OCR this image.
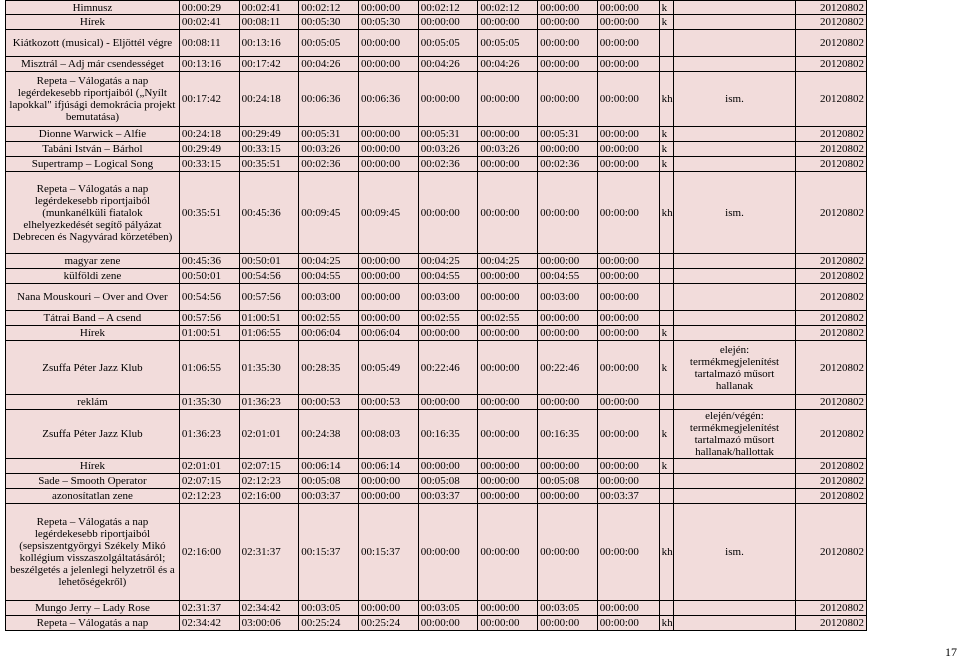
Himnusz	00:00:29	00:02:41	00:02:12	00:00:00	00:02:12	00:02:12	00:00:00	00:00:00	k		20120802
Hírek	00:02:41	00:08:11	00:05:30	00:05:30	00:00:00	00:00:00	00:00:00	00:00:00	k		20120802
Kiátkozott (musical) - Eljöttél végre	00:08:11	00:13:16	00:05:05	00:00:00	00:05:05	00:05:05	00:00:00	00:00:00			20120802
Misztrál – Adj már csendességet	00:13:16	00:17:42	00:04:26	00:00:00	00:04:26	00:04:26	00:00:00	00:00:00			20120802
Repeta – Válogatás a nap legérdekesebb riportjaiból („Nyílt lapokkal" ifjúsági demokrácia projekt bemutatása)	00:17:42	00:24:18	00:06:36	00:06:36	00:00:00	00:00:00	00:00:00	00:00:00	kh	ism.	20120802
Dionne Warwick – Alfie	00:24:18	00:29:49	00:05:31	00:00:00	00:05:31	00:00:00	00:05:31	00:00:00	k		20120802
Tabáni István – Bárhol	00:29:49	00:33:15	00:03:26	00:00:00	00:03:26	00:03:26	00:00:00	00:00:00	k		20120802
Supertramp – Logical Song	00:33:15	00:35:51	00:02:36	00:00:00	00:02:36	00:00:00	00:02:36	00:00:00	k		20120802
Repeta – Válogatás a nap legérdekesebb riportjaiból (munkanélküli fiatalok elhelyezkedését segítő pályázat Debrecen és Nagyvárad körzetében)	00:35:51	00:45:36	00:09:45	00:09:45	00:00:00	00:00:00	00:00:00	00:00:00	kh	ism.	20120802
magyar zene	00:45:36	00:50:01	00:04:25	00:00:00	00:04:25	00:04:25	00:00:00	00:00:00			20120802
külföldi zene	00:50:01	00:54:56	00:04:55	00:00:00	00:04:55	00:00:00	00:04:55	00:00:00			20120802
Nana Mouskouri – Over and Over	00:54:56	00:57:56	00:03:00	00:00:00	00:03:00	00:00:00	00:03:00	00:00:00			20120802
Tátrai Band – A csend	00:57:56	01:00:51	00:02:55	00:00:00	00:02:55	00:02:55	00:00:00	00:00:00			20120802
Hírek	01:00:51	01:06:55	00:06:04	00:06:04	00:00:00	00:00:00	00:00:00	00:00:00	k		20120802
Zsuffa Péter Jazz Klub	01:06:55	01:35:30	00:28:35	00:05:49	00:22:46	00:00:00	00:22:46	00:00:00	k	elején: termékmegjelenítést tartalmazó műsort hallanak	20120802
reklám	01:35:30	01:36:23	00:00:53	00:00:53	00:00:00	00:00:00	00:00:00	00:00:00			20120802
Zsuffa Péter Jazz Klub	01:36:23	02:01:01	00:24:38	00:08:03	00:16:35	00:00:00	00:16:35	00:00:00	k	elején/végén: termékmegjelenítést tartalmazó műsort hallanak/hallottak	20120802
Hírek	02:01:01	02:07:15	00:06:14	00:06:14	00:00:00	00:00:00	00:00:00	00:00:00	k		20120802
Sade – Smooth Operator	02:07:15	02:12:23	00:05:08	00:00:00	00:05:08	00:00:00	00:05:08	00:00:00			20120802
azonosítatlan zene	02:12:23	02:16:00	00:03:37	00:00:00	00:03:37	00:00:00	00:00:00	00:03:37			20120802
Repeta – Válogatás a nap legérdekesebb riportjaiból (sepsiszentgyörgyi Székely Mikó kollégium visszaszolgáltatásáról; beszélgetés a jelenlegi helyzetről és a lehetőségekről)	02:16:00	02:31:37	00:15:37	00:15:37	00:00:00	00:00:00	00:00:00	00:00:00	kh	ism.	20120802
Mungo Jerry – Lady Rose	02:31:37	02:34:42	00:03:05	00:00:00	00:03:05	00:00:00	00:03:05	00:00:00			20120802
Repeta – Válogatás a nap	02:34:42	03:00:06	00:25:24	00:25:24	00:00:00	00:00:00	00:00:00	00:00:00	kh		20120802
17
